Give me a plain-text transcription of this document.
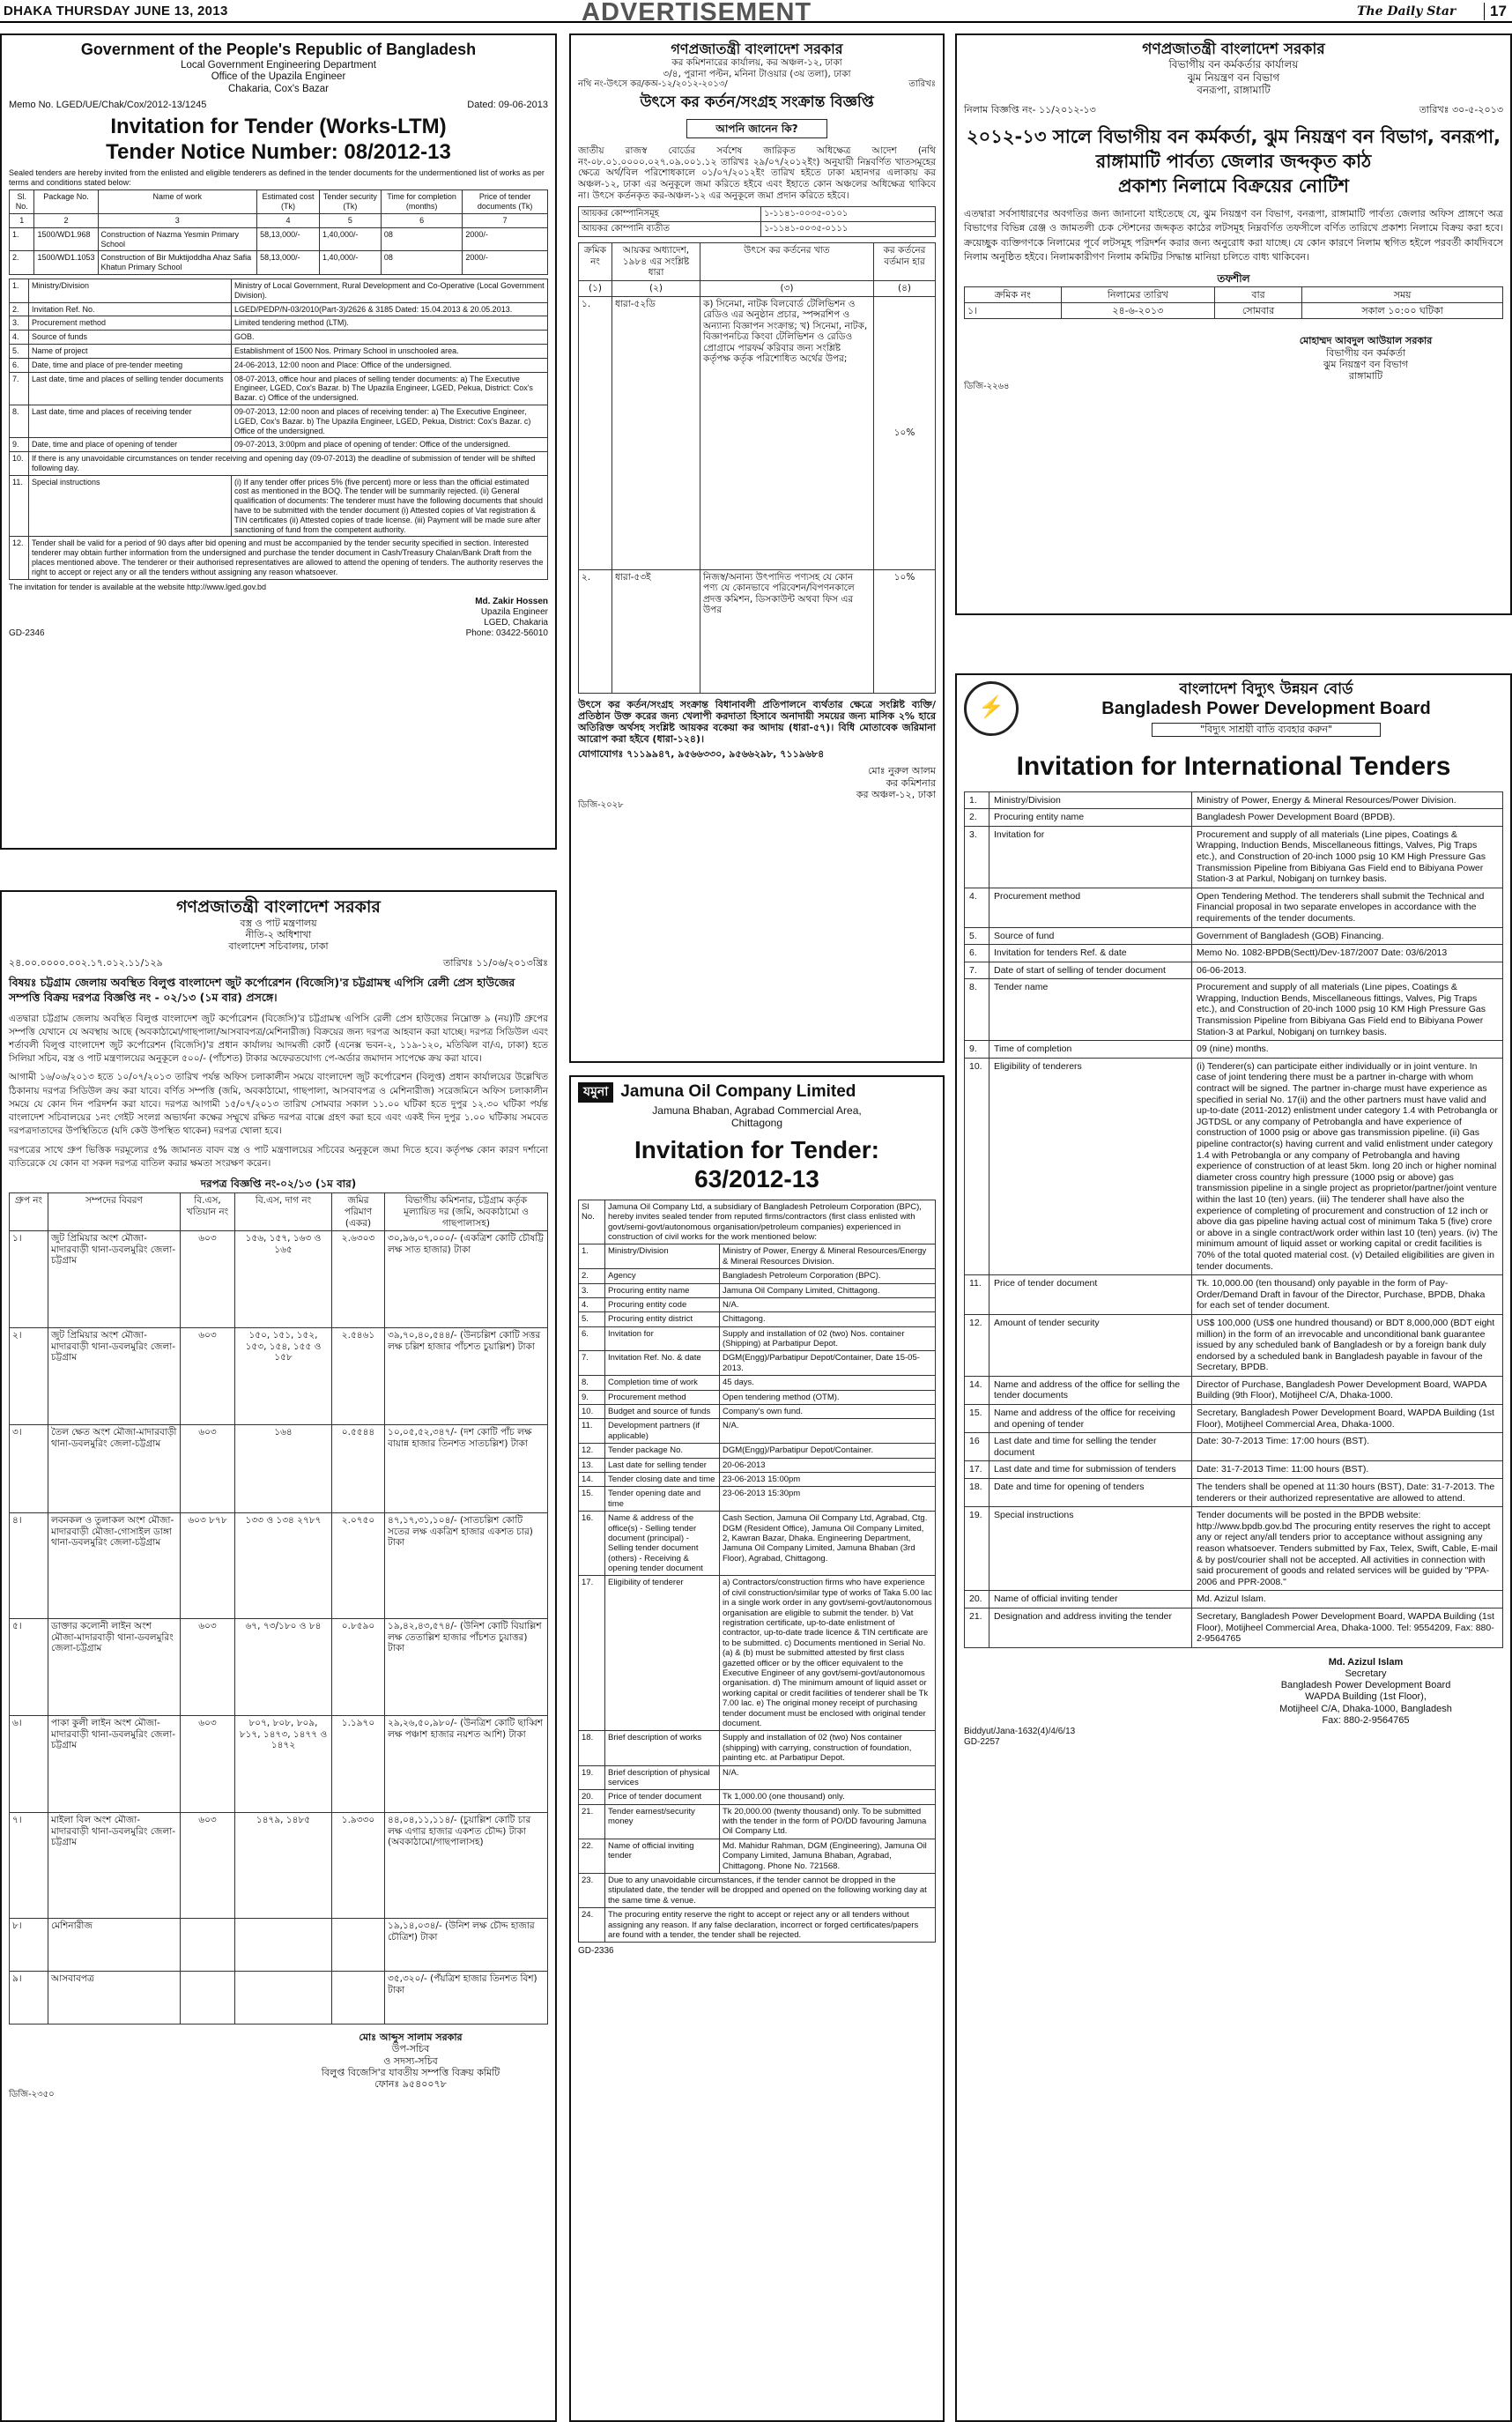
DHAKA THURSDAY JUNE 13, 2013	ADVERTISEMENT	The Daily Star	17
Government of the People's Republic of Bangladesh
Local Government Engineering Department
Office of the Upazila Engineer
Chakaria, Cox's Bazar
Memo No. LGED/UE/Chak/Cox/2012-13/1245	Dated: 09-06-2013
Invitation for Tender (Works-LTM)
Tender Notice Number: 08/2012-13
Sealed tenders are hereby invited from the enlisted and eligible tenderers as defined in the tender documents for the undermentioned list of works as per terms and conditions stated below:
Sl. No.	Package No.	Name of work	Estimated cost (Tk)	Tender security (Tk)	Time for completion (months)	Price of tender documents (Tk)
1	2	3	4	5	6	7
1.	1500/WD1.968	Construction of Nazma Yesmin Primary School	58,13,000/-	1,40,000/-	08	2000/-
2.	1500/WD1.1053	Construction of Bir Muktijoddha Ahaz Safia Khatun Primary School	58,13,000/-	1,40,000/-	08	2000/-
1.	Ministry/Division	Ministry of Local Government, Rural Development and Co-Operative (Local Government Division).
2.	Invitation Ref. No.	LGED/PEDP/N-03/2010(Part-3)/2626 & 3185 Dated: 15.04.2013 & 20.05.2013.
3.	Procurement method	Limited tendering method (LTM).
4.	Source of funds	GOB.
5.	Name of project	Establishment of 1500 Nos. Primary School in unschooled area.
6.	Date, time and place of pre-tender meeting	24-06-2013, 12:00 noon and Place: Office of the undersigned.
7.	Last date, time and places of selling tender documents	08-07-2013, office hour and places of selling tender documents: a) The Executive Engineer, LGED, Cox's Bazar. b) The Upazila Engineer, LGED, Pekua, District: Cox's Bazar. c) Office of the undersigned.
8.	Last date, time and places of receiving tender	09-07-2013, 12:00 noon and places of receiving tender: a) The Executive Engineer, LGED, Cox's Bazar. b) The Upazila Engineer, LGED, Pekua, District: Cox's Bazar. c) Office of the undersigned.
9.	Date, time and place of opening of tender	09-07-2013, 3:00pm and place of opening of tender: Office of the undersigned.
10.	If there is any unavoidable circumstances on tender receiving and opening day (09-07-2013) the deadline of submission of tender will be shifted following day.	
11.	Special instructions	(i) If any tender offer prices 5% (five percent) more or less than the official estimated cost as mentioned in the BOQ. The tender will be summarily rejected. (ii) General qualification of documents: The tenderer must have the following documents that should have to be submitted with the tender document (i) Attested copies of Vat registration & TIN certificates (ii) Attested copies of trade license. (iii) Payment will be made sure after sanctioning of fund from the competent authority.
12.	Tender shall be valid for a period of 90 days after bid opening and must be accompanied by the tender security specified in section. Interested tenderer may obtain further information from the undersigned and purchase the tender document in Cash/Treasury Chalan/Bank Draft from the places mentioned above. The tenderer or their authorised representatives are allowed to attend the opening of tenders. The authority reserves the right to accept or reject any or all the tenders without assigning any reason whatsoever.	
The invitation for tender is available at the website http://www.lged.gov.bd
Md. Zakir Hossen
Upazila Engineer
LGED, Chakaria
GD-2346	Phone: 03422-56010
গণপ্রজাতন্ত্রী বাংলাদেশ সরকার
কর কমিশনারের কার্যালয়, কর অঞ্চল-১২, ঢাকা
৩/৪, পুরানা পল্টন, মনিনা টাওয়ার (৩য় তলা), ঢাকা
নথি নং-উৎসে কর/কঅ-১২/২০১২-২০১৩/	তারিখঃ
উৎসে কর কর্তন/সংগ্রহ সংক্রান্ত বিজ্ঞপ্তি
আপনি জানেন কি?
জাতীয় রাজস্ব বোর্ডের সর্বশেষ জারিকৃত অধিক্ষেত্র আদেশ (নথি নং-০৮.০১.০০০০.০২৭.০৯.০০১.১২ তারিখঃ ২৯/০৭/২০১২ইং) অনুযায়ী নিম্নবর্ণিত খাতসমূহের ক্ষেত্রে অর্থ/বিল পরিশোধকালে ০১/০৭/২০১২ইং তারিখ হইতে ঢাকা মহানগর এলাকায় কর অঞ্চল-১২, ঢাকা এর অনুকূলে জমা করিতে হইবে এবং ইহাতে কোন অঞ্চলের অধিক্ষেত্র থাকিবে না। উৎসে কর্তনকৃত কর-অঞ্চল-১২ এর অনুকূলে জমা প্রদান করিতে হইবে।
আয়কর কোম্পানিসমূহ	১-১১৪১-০০৩৫-০১০১
আয়কর কোম্পানি ব্যতীত	১-১১৪১-০০৩৫-০১১১
ক্রমিক নং	আয়কর অধ্যাদেশ, ১৯৮৪ এর সংশ্লিষ্ট ধারা	উৎসে কর কর্তনের খাত	কর কর্তনের বর্তমান হার
(১)	(২)	(৩)	(৪)
১.	ধারা-৫২ডি	ক) সিনেমা, নাটক বিলবোর্ড টেলিভিশন ও রেডিও এর অনুষ্ঠান প্রচার, স্পন্সরশিপ ও অন্যান্য বিজ্ঞাপন সংক্রান্ত; খ) সিনেমা, নাটক, বিজ্ঞাপনচিত্র কিংবা টেলিভিশন ও রেডিও প্রোগ্রামে পারফর্ম করিবার জন্য সংশ্লিষ্ট কর্তৃপক্ষ কর্তৃক পরিশোধিত অর্থের উপর;	১০%
২.	ধারা-৫৩ই	নিজস্ব/অনান্য উৎপাদিত পণ্যসহ যে কোন পণ্য যে কোনভাবে পরিবেশন/বিপণনকালে প্রদত্ত কমিশন, ডিসকাউন্ট অথবা ফিস এর উপর	১০%
উৎসে কর কর্তন/সংগ্রহ সংক্রান্ত বিধানাবলী প্রতিপালনে ব্যর্থতার ক্ষেত্রে সংশ্লিষ্ট ব্যক্তি/প্রতিষ্ঠান উক্ত করের জন্য খেলাপী করদাতা হিসাবে অনাদায়ী সময়ের জন্য মাসিক ২% হারে অতিরিক্ত অর্থসহ সংশ্লিষ্ট আয়কর বকেয়া কর আদায় (ধারা-৫৭)। বিধি মোতাবেক জরিমানা আরোপ করা হইবে (ধারা-১২৪)।
যোগাযোগঃ ৭১১৯৯৪৭, ৯৫৬৬৩৩০, ৯৫৬৬২৯৮, ৭১১৯৬৮৪
মোঃ নুরুল আলম
কর কমিশনার
কর অঞ্চল-১২, ঢাকা
ডিজি-২০২৮
গণপ্রজাতন্ত্রী বাংলাদেশ সরকার
বিভাগীয় বন কর্মকর্তার কার্যালয়
ঝুম নিয়ন্ত্রণ বন বিভাগ
বনরূপা, রাঙ্গামাটি
নিলাম বিজ্ঞপ্তি নং- ১১/২০১২-১৩	তারিখঃ ৩০-৫-২০১৩
২০১২-১৩ সালে বিভাগীয় বন কর্মকর্তা, ঝুম নিয়ন্ত্রণ বন বিভাগ, বনরূপা, রাঙ্গামাটি পার্বত্য জেলার জব্দকৃত কাঠ
প্রকাশ্য নিলামে বিক্রয়ের নোটিশ
এতদ্বারা সর্বসাধারণের অবগতির জন্য জানানো যাইতেছে যে, ঝুম নিয়ন্ত্রণ বন বিভাগ, বনরূপা, রাঙ্গামাটি পার্বত্য জেলার অফিস প্রাঙ্গণে অত্র বিভাগের বিভিন্ন রেঞ্জ ও জামতলী চেক স্টেশনের জব্দকৃত কাঠের লটসমূহ নিম্নবর্ণিত তফসীলে বর্ণিত তারিখে প্রকাশ্য নিলামে বিক্রয় করা হবে। ক্রয়েচ্ছুক ব্যক্তিগণকে নিলামের পূর্বে লটসমূহ পরিদর্শন করার জন্য অনুরোধ করা যাচ্ছে। যে কোন কারণে নিলাম স্থগিত হইলে পরবর্তী কার্যদিবসে নিলাম অনুষ্ঠিত হইবে। নিলামকারীগণ নিলাম কমিটির সিদ্ধান্ত মানিয়া চলিতে বাধ্য থাকিবেন।
তফশীল
ক্রমিক নং	নিলামের তারিখ	বার	সময়
১।	২৪-৬-২০১৩	সোমবার	সকাল ১০:০০ ঘটিকা
মোহাম্মদ আবদুল আউয়াল সরকার
বিভাগীয় বন কর্মকর্তা
ঝুম নিয়ন্ত্রণ বন বিভাগ
রাঙ্গামাটি
ডিজি-২২৬৪
⚡
বাংলাদেশ বিদ্যুৎ উন্নয়ন বোর্ড
Bangladesh Power Development Board
"বিদ্যুৎ সাশ্রয়ী বাতি ব্যবহার করুন"
Invitation for International Tenders
1.	Ministry/Division	Ministry of Power, Energy & Mineral Resources/Power Division.
2.	Procuring entity name	Bangladesh Power Development Board (BPDB).
3.	Invitation for	Procurement and supply of all materials (Line pipes, Coatings & Wrapping, Induction Bends, Miscellaneous fittings, Valves, Pig Traps etc.), and Construction of 20-inch 1000 psig 10 KM High Pressure Gas Transmission Pipeline from Bibiyana Gas Field end to Bibiyana Power Station-3 at Parkul, Nobiganj on turnkey basis.
4.	Procurement method	Open Tendering Method. The tenderers shall submit the Technical and Financial proposal in two separate envelopes in accordance with the requirements of the tender documents.
5.	Source of fund	Government of Bangladesh (GOB) Financing.
6.	Invitation for tenders Ref. & date	Memo No. 1082-BPDB(Sectt)/Dev-187/2007 Date: 03/6/2013
7.	Date of start of selling of tender document	06-06-2013.
8.	Tender name	Procurement and supply of all materials (Line pipes, Coatings & Wrapping, Induction Bends, Miscellaneous fittings, Valves, Pig Traps etc.), and Construction of 20-inch 1000 psig 10 KM High Pressure Gas Transmission Pipeline from Bibiyana Gas Field end to Bibiyana Power Station-3 at Parkul, Nobiganj on turnkey basis.
9.	Time of completion	09 (nine) months.
10.	Eligibility of tenderers	(i) Tenderer(s) can participate either individually or in joint venture. In case of joint tendering there must be a partner in-charge with whom contract will be signed. The partner in-charge must have experience as specified in serial No. 17(ii) and the other partners must have valid and up-to-date (2011-2012) enlistment under category 1.4 with Petrobangla or JGTDSL or any company of Petrobangla and have experience of construction of 1000 psig or above gas transmission pipeline. (ii) Gas pipeline contractor(s) having current and valid enlistment under category 1.4 with Petrobangla or any company of Petrobangla and having experience of construction of at least 5km. long 20 inch or higher nominal diameter cross country high pressure (1000 psig or above) gas transmission pipeline in a single project as proprietor/partner/joint venture within the last 10 (ten) years. (iii) The tenderer shall have also the experience of completing of procurement and construction of 12 inch or above dia gas pipeline having actual cost of minimum Taka 5 (five) crore or above in a single contract/work order within last 10 (ten) years. (iv) The minimum amount of liquid asset or working capital or credit facilities is 70% of the total quoted material cost. (v) Detailed eligibilities are given in tender documents.
11.	Price of tender document	Tk. 10,000.00 (ten thousand) only payable in the form of Pay-Order/Demand Draft in favour of the Director, Purchase, BPDB, Dhaka for each set of tender document.
12.	Amount of tender security	US$ 100,000 (US$ one hundred thousand) or BDT 8,000,000 (BDT eight million) in the form of an irrevocable and unconditional bank guarantee issued by any scheduled bank of Bangladesh or by a foreign bank duly endorsed by a scheduled bank in Bangladesh payable in favour of the Secretary, BPDB.
14.	Name and address of the office for selling the tender documents	Director of Purchase, Bangladesh Power Development Board, WAPDA Building (9th Floor), Motijheel C/A, Dhaka-1000.
15.	Name and address of the office for receiving and opening of tender	Secretary, Bangladesh Power Development Board, WAPDA Building (1st Floor), Motijheel Commercial Area, Dhaka-1000.
16	Last date and time for selling the tender document	Date: 30-7-2013 Time: 17:00 hours (BST).
17.	Last date and time for submission of tenders	Date: 31-7-2013 Time: 11:00 hours (BST).
18.	Date and time for opening of tenders	The tenders shall be opened at 11:30 hours (BST), Date: 31-7-2013. The tenderers or their authorized representative are allowed to attend.
19.	Special instructions	Tender documents will be posted in the BPDB website: http://www.bpdb.gov.bd The procuring entity reserves the right to accept any or reject any/all tenders prior to acceptance without assigning any reason whatsoever. Tenders submitted by Fax, Telex, Swift, Cable, E-mail & by post/courier shall not be accepted. All activities in connection with said procurement of goods and related services will be guided by "PPA-2006 and PPR-2008."
20.	Name of official inviting tender	Md. Azizul Islam.
21.	Designation and address inviting the tender	Secretary, Bangladesh Power Development Board, WAPDA Building (1st Floor), Motijheel Commercial Area, Dhaka-1000. Tel: 9554209, Fax: 880-2-9564765
Md. Azizul Islam
Secretary
Bangladesh Power Development Board
WAPDA Building (1st Floor),
Motijheel C/A, Dhaka-1000, Bangladesh
Fax: 880-2-9564765
Biddyut/Jana-1632(4)/4/6/13
GD-2257
গণপ্রজাতন্ত্রী বাংলাদেশ সরকার
বস্ত্র ও পাট মন্ত্রণালয়
নীতি-২ অধিশাখা
বাংলাদেশ সচিবালয়, ঢাকা
২৪.০০.০০০০.০০২.১৭.০১২.১১/১২৯	তারিখঃ ১১/০৬/২০১৩খ্রিঃ
বিষয়ঃ চট্টগ্রাম জেলায় অবস্থিত বিলুপ্ত বাংলাদেশ জুট কর্পোরেশন (বিজেসি)'র চট্টগ্রামস্থ এপিসি রেলী প্রেস হাউজের সম্পত্তি বিক্রয় দরপত্র বিজ্ঞপ্তি নং - ০২/১৩ (১ম বার) প্রসঙ্গে।
এতদ্বারা চট্টগ্রাম জেলায় অবস্থিত বিলুপ্ত বাংলাদেশ জুট কর্পোরেশন (বিজেসি)'র চট্টগ্রামস্থ এপিসি রেলী প্রেস হাউজের নিম্নোক্ত ৯ (নয়)টি গ্রুপের সম্পত্তি যেখানে যে অবস্থায় আছে (অবকাঠামো/গাছপালা/আসবাবপত্র/মেশিনারীজ) বিক্রয়ের জন্য দরপত্র আহবান করা যাচ্ছে। দরপত্র সিডিউল এবং শর্তাবলী বিলুপ্ত বাংলাদেশ জুট কর্পোরেশন (বিজেসি)'র প্রধান কার্যালয় আদমজী কোর্ট (এনেক্স ভবন-২, ১১৯-১২০, মতিঝিল বা/এ, ঢাকা) হতে সিলিয়া সচিব, বস্ত্র ও পাট মন্ত্রণালয়ের অনুকূলে ৫০০/- (পাঁচশত) টাকার অফেরতযোগ্য পে-অর্ডার জমাদান সাপেক্ষে ক্রয় করা যাবে।
আগামী ১৬/০৬/২০১৩ হতে ১০/০৭/২০১৩ তারিখ পর্যন্ত অফিস চলাকালীন সময়ে বাংলাদেশ জুট কর্পোরেশন (বিলুপ্ত) প্রধান কার্যালয়ের উল্লেখিত ঠিকানায় দরপত্র সিডিউল ক্রয় করা যাবে। বর্ণিত সম্পত্তি (জমি, অবকাঠামো, গাছপালা, আসবাবপত্র ও মেশিনারীজ) সরেজমিনে অফিস চলাকালীন সময়ে যে কোন দিন পরিদর্শন করা যাবে। দরপত্র আগামী ১৫/০৭/২০১৩ তারিখ সোমবার সকাল ১১.০০ ঘটিকা হতে দুপুর ১২.৩০ ঘটিকা পর্যন্ত বাংলাদেশ সচিবালয়ের ১নং গেইট সংলগ্ন অভ্যর্থনা কক্ষের সম্মুখে রক্ষিত দরপত্র বাক্সে গ্রহণ করা হবে এবং একই দিন দুপুর ১.০০ ঘটিকায় সমবেত দরপত্রদাতাদের উপস্থিতিতে (যদি কেউ উপস্থিত থাকেন) দরপত্র খোলা হবে।
দরপত্রের সাথে গ্রুপ ভিত্তিক দরমূল্যের ৫% জামানত বাবদ বস্ত্র ও পাট মন্ত্রণালয়ের সচিবের অনুকূলে জমা দিতে হবে। কর্তৃপক্ষ কোন কারণ দর্শানো ব্যতিরেকে যে কোন বা সকল দরপত্র বাতিল করার ক্ষমতা সংরক্ষণ করেন।
দরপত্র বিজ্ঞপ্তি নং-০২/১৩ (১ম বার)
গ্রুপ নং	সম্পদের বিবরণ	বি.এস, খতিয়ান নং	বি.এস, দাগ নং	জমির পরিমাণ (একর)	বিভাগীয় কমিশনার, চট্টগ্রাম কর্তৃক মূল্যায়িত দর (জমি, অবকাঠামো ও গাছপালাসহ)
১।	জুট প্রিমিয়ার অংশ মৌজা-মাদারবাড়ী থানা-ডবলমুরিং জেলা-চট্টগ্রাম	৬০৩	১৫৬, ১৫৭, ১৬৩ ও ১৬৫	২.৬৩০৩	৩০,৯৬,০৭,০০০/- (একত্রিশ কোটি চৌষট্টি লক্ষ সাত হাজার) টাকা
২।	জুট প্রিমিয়ার অংশ মৌজা-মাদারবাড়ী থানা-ডবলমুরিং জেলা-চট্টগ্রাম	৬০৩	১৫০, ১৫১, ১৫২, ১৫৩, ১৫৪, ১৫৫ ও ১৫৮	২.৫৪৬১	৩৯,৭০,৪০,৫৪৪/- (উনচল্লিশ কোটি সত্তর লক্ষ চল্লিশ হাজার পাঁচশত চুয়াল্লিশ) টাকা
৩।	তৈল ক্ষেত অংশ মৌজা-মাদারবাড়ী থানা-ডবলমুরিং জেলা-চট্টগ্রাম	৬০৩	১৬৪	০.৫৫৪৪	১০,০৫,৫২,৩৪৭/- (দশ কোটি পাঁচ লক্ষ বায়ান্ন হাজার তিনশত সাতচল্লিশ) টাকা
৪।	লবনকল ও তুলাকল অংশ মৌজা-মাদারবাড়ী মৌজা-গোসাইল ডাঙ্গা থানা-ডবলমুরিং জেলা-চট্টগ্রাম	৬০৩ ৮৭৮	১৩৩ ও ১৩৪ ২৭৮৭	২.০৭৫০	৪৭,১৭,৩১,১০৪/- (সাতচল্লিশ কোটি সতের লক্ষ একত্রিশ হাজার একশত চার) টাকা
৫।	ডাক্তার কলোনী লাইন অংশ মৌজা-মাদারবাড়ী থানা-ডবলমুরিং জেলা-চট্টগ্রাম	৬০৩	৬৭, ৭৩/১৮০ ও ৮৪	০.৮৫৯০	১৯,৪২,৪৩,৫৭৪/- (উনিশ কোটি বিয়াল্লিশ লক্ষ তেতাল্লিশ হাজার পাঁচশত চুয়াত্তর) টাকা
৬।	পাকা কুলী লাইন অংশ মৌজা-মাদারবাড়ী থানা-ডবলমুরিং জেলা-চট্টগ্রাম	৬০৩	৮০৭, ৮০৮, ৮০৯, ৮১৭, ১৪৭৩, ১৪৭৭ ও ১৪৭২	১.১৯৭০	২৯,২৬,৫০,৯৮০/- (উনত্রিশ কোটি ছাব্বিশ লক্ষ পঞ্চাশ হাজার নয়শত আশি) টাকা
৭।	মাইলা বিল অংশ মৌজা-মাদারবাড়ী থানা-ডবলমুরিং জেলা-চট্টগ্রাম	৬০৩	১৪৭৯, ১৪৮৫	১.৯৩৩০	৪৪,০৪,১১,১১৪/- (চুয়াল্লিশ কোটি চার লক্ষ এগার হাজার একশত চৌদ্দ) টাকা (অবকাঠামো/গাছপালাসহ)
৮।	মেশিনারীজ				১৯,১৪,০৩৪/- (উনিশ লক্ষ চৌদ্দ হাজার চৌত্রিশ) টাকা
৯।	আসবাবপত্র				৩৫,৩২০/- (পঁয়ত্রিশ হাজার তিনশত বিশ) টাকা
মোঃ আব্দুস সালাম সরকার
উপ-সচিব
ও সদস্য-সচিব
বিলুপ্ত বিজেসি'র যাবতীয় সম্পত্তি বিক্রয় কমিটি
ফোনঃ ৯৫৪০০৭৮
ডিজি-২৩৫০
যমুনা Jamuna Oil Company Limited
Jamuna Bhaban, Agrabad Commercial Area,
Chittagong
Invitation for Tender:
63/2012-13
Sl No.	Jamuna Oil Company Ltd, a subsidiary of Bangladesh Petroleum Corporation (BPC), hereby invites sealed tender from reputed firms/contractors (first class enlisted with govt/semi-govt/autonomous organisation/petroleum companies) experienced in construction of civil works for the work mentioned below:	
1.	Ministry/Division	Ministry of Power, Energy & Mineral Resources/Energy & Mineral Resources Division.
2.	Agency	Bangladesh Petroleum Corporation (BPC).
3.	Procuring entity name	Jamuna Oil Company Limited, Chittagong.
4.	Procuring entity code	N/A.
5.	Procuring entity district	Chittagong.
6.	Invitation for	Supply and installation of 02 (two) Nos. container (Shipping) at Parbatipur Depot.
7.	Invitation Ref. No. & date	DGM(Engg)/Parbatipur Depot/Container, Date 15-05-2013.
8.	Completion time of work	45 days.
9.	Procurement method	Open tendering method (OTM).
10.	Budget and source of funds	Company's own fund.
11.	Development partners (if applicable)	N/A.
12.	Tender package No.	DGM(Engg)/Parbatipur Depot/Container.
13.	Last date for selling tender	20-06-2013
14.	Tender closing date and time	23-06-2013 15:00pm
15.	Tender opening date and time	23-06-2013 15:30pm
16.	Name & address of the office(s) - Selling tender document (principal) - Selling tender document (others) - Receiving & opening tender document	Cash Section, Jamuna Oil Company Ltd, Agrabad, Ctg. DGM (Resident Office), Jamuna Oil Company Limited, 2, Kawran Bazar, Dhaka. Engineering Department, Jamuna Oil Company Limited, Jamuna Bhaban (3rd Floor), Agrabad, Chittagong.
17.	Eligibility of tenderer	a) Contractors/construction firms who have experience of civil construction/similar type of works of Taka 5.00 lac in a single work order in any govt/semi-govt/autonomous organisation are eligible to submit the tender. b) Vat registration certificate, up-to-date enlistment of contractor, up-to-date trade licence & TIN certificate are to be submitted. c) Documents mentioned in Serial No. (a) & (b) must be submitted attested by first class gazetted officer or by the officer equivalent to the Executive Engineer of any govt/semi-govt/autonomous organisation. d) The minimum amount of liquid asset or working capital or credit facilities of tenderer shall be Tk 7.00 lac. e) The original money receipt of purchasing tender document must be enclosed with original tender document.
18.	Brief description of works	Supply and installation of 02 (two) Nos container (shipping) with carrying, construction of foundation, painting etc. at Parbatipur Depot.
19.	Brief description of physical services	N/A.
20.	Price of tender document	Tk 1,000.00 (one thousand) only.
21.	Tender earnest/security money	Tk 20,000.00 (twenty thousand) only. To be submitted with the tender in the form of PO/DD favouring Jamuna Oil Company Ltd.
22.	Name of official inviting tender	Md. Mahidur Rahman, DGM (Engineering), Jamuna Oil Company Limited, Jamuna Bhaban, Agrabad, Chittagong. Phone No. 721568.
23.	Due to any unavoidable circumstances, if the tender cannot be dropped in the stipulated date, the tender will be dropped and opened on the following working day at the same time & venue.	
24.	The procuring entity reserve the right to accept or reject any or all tenders without assigning any reason. If any false declaration, incorrect or forged certificates/papers are found with a tender, the tender shall be rejected.	
GD-2336
